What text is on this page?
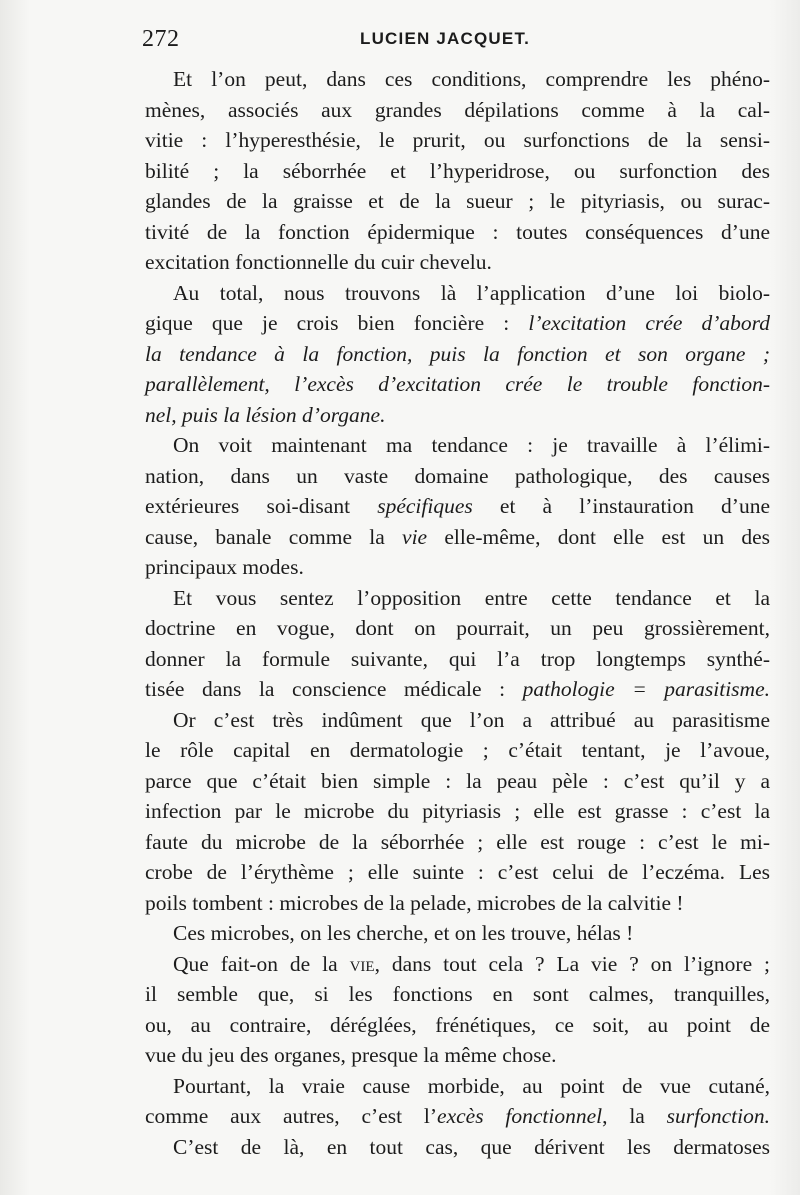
272	LUCIEN JACQUET.
Et l’on peut, dans ces conditions, comprendre les phéno-
mènes, associés aux grandes dépilations comme à la cal-
vitie : l’hyperesthésie, le prurit, ou surfonctions de la sensi-
bilité ; la séborrhée et l’hyperidrose, ou surfonction des
glandes de la graisse et de la sueur ; le pityriasis, ou surac-
tivité de la fonction épidermique : toutes conséquences d’une
excitation fonctionnelle du cuir chevelu.
Au total, nous trouvons là l’application d’une loi biolo-
gique que je crois bien foncière : l’excitation crée d’abord
la tendance à la fonction, puis la fonction et son organe ;
parallèlement, l’excès d’excitation crée le trouble fonction-
nel, puis la lésion d’organe.
On voit maintenant ma tendance : je travaille à l’élimi-
nation, dans un vaste domaine pathologique, des causes
extérieures soi-disant spécifiques et à l’instauration d’une
cause, banale comme la vie elle-même, dont elle est un des
principaux modes.
Et vous sentez l’opposition entre cette tendance et la
doctrine en vogue, dont on pourrait, un peu grossièrement,
donner la formule suivante, qui l’a trop longtemps synthé-
tisée dans la conscience médicale : pathologie = parasitisme.
Or c’est très indûment que l’on a attribué au parasitisme
le rôle capital en dermatologie ; c’était tentant, je l’avoue,
parce que c’était bien simple : la peau pèle : c’est qu’il y a
infection par le microbe du pityriasis ; elle est grasse : c’est la
faute du microbe de la séborrhée ; elle est rouge : c’est le mi-
crobe de l’érythème ; elle suinte : c’est celui de l’eczéma. Les
poils tombent : microbes de la pelade, microbes de la calvitie !
Ces microbes, on les cherche, et on les trouve, hélas !
Que fait-on de la vie, dans tout cela ? La vie ? on l’ignore ;
il semble que, si les fonctions en sont calmes, tranquilles,
ou, au contraire, déréglées, frénétiques, ce soit, au point de
vue du jeu des organes, presque la même chose.
Pourtant, la vraie cause morbide, au point de vue cutané,
comme aux autres, c’est l’excès fonctionnel, la surfonction.
C’est de là, en tout cas, que dérivent les dermatoses
